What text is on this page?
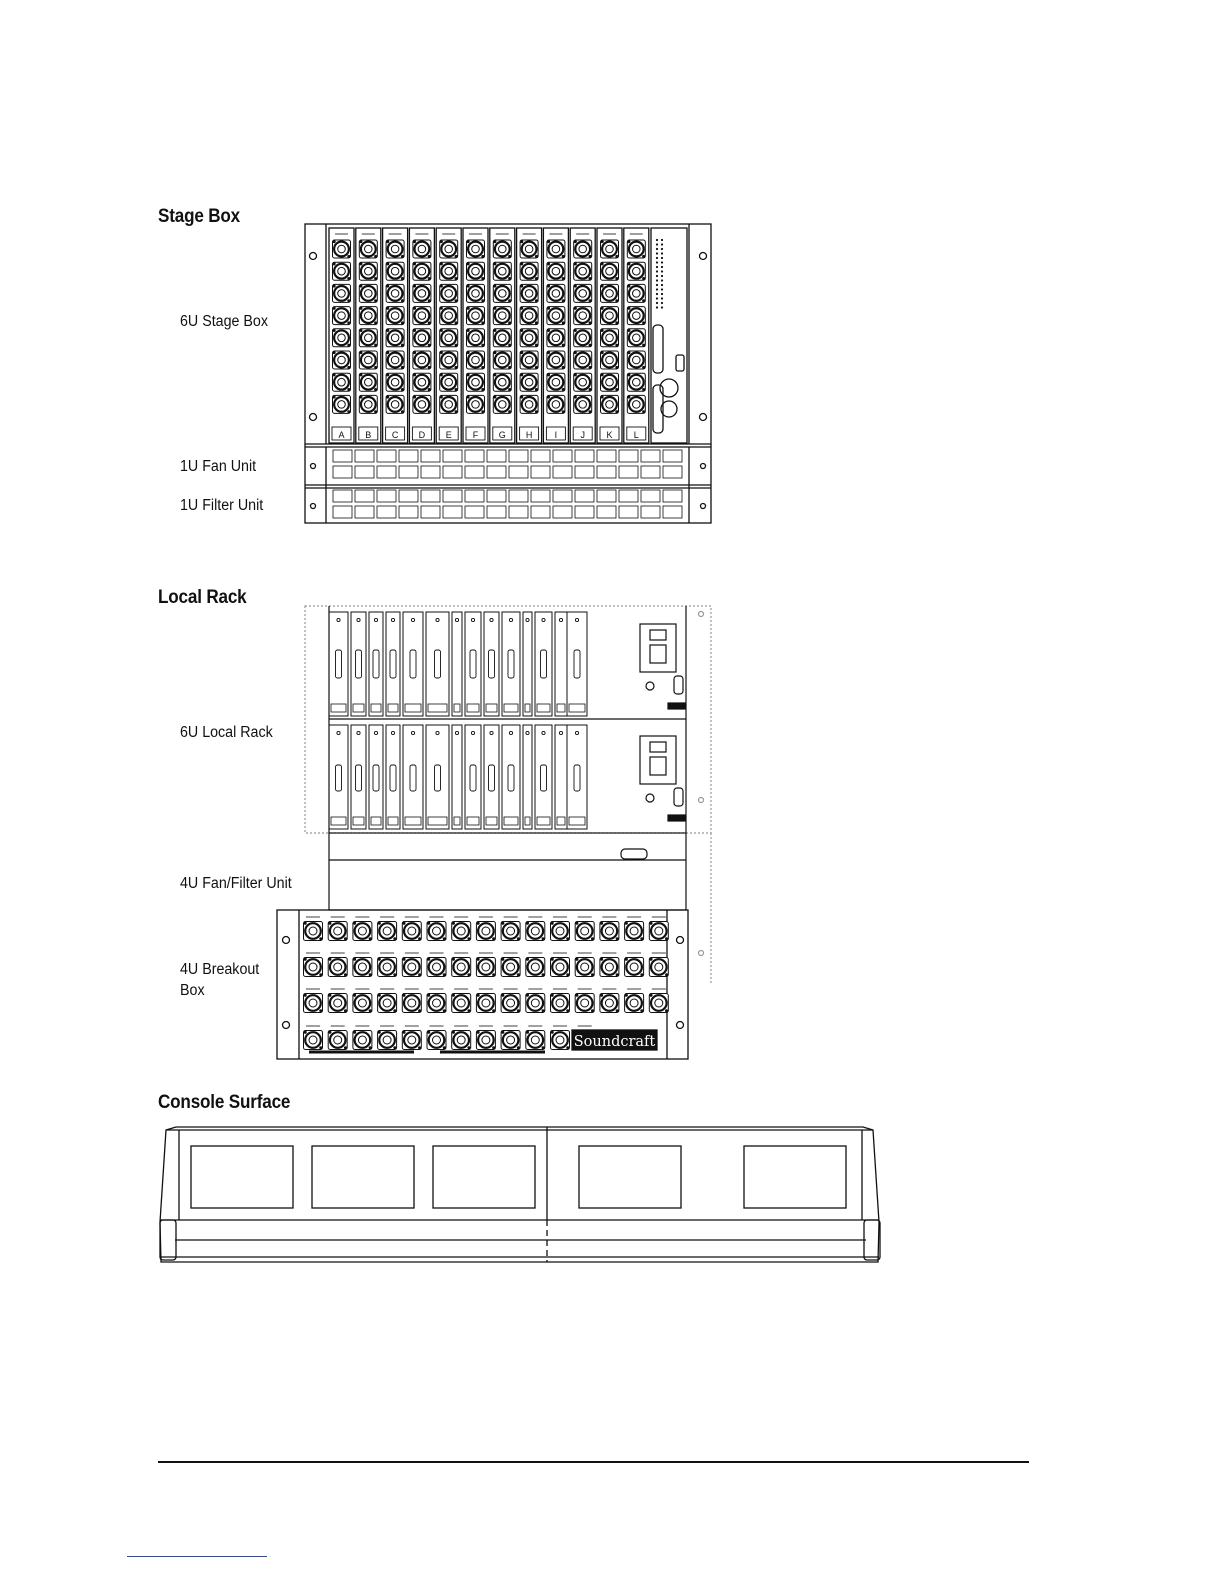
Stage Box
6U Stage Box
1U Fan Unit
1U Filter Unit
Local Rack
6U Local Rack
4U Fan/Filter Unit
4U Breakout Box
Console Surface
A B C D E F G H I	J K L
Soundcraft
